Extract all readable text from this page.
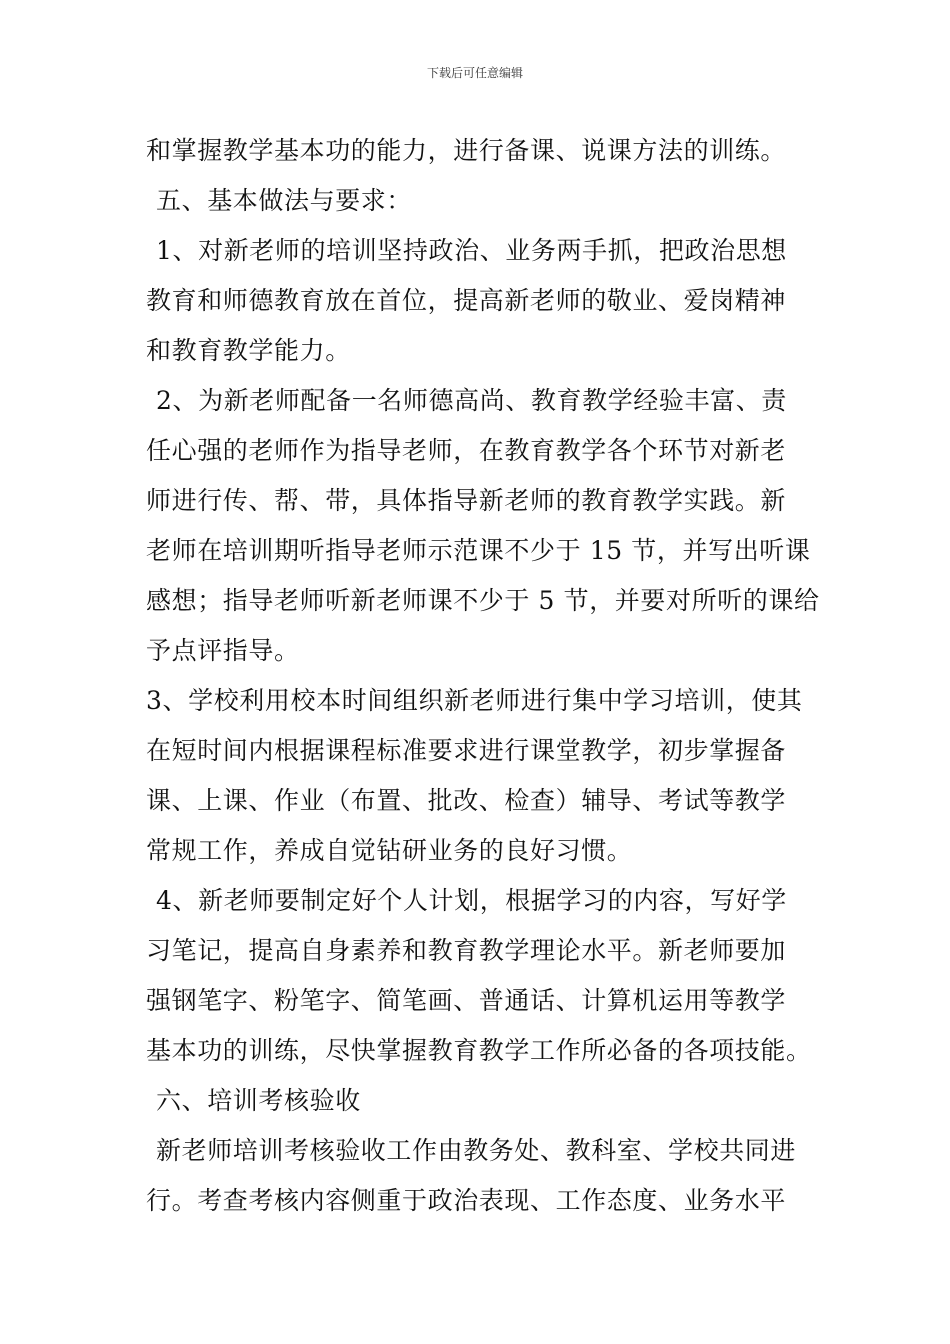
下载后可任意编辑
和掌握教学基本功的能力，进行备课、说课方法的训练。
五、基本做法与要求：
1、对新老师的培训坚持政治、业务两手抓，把政治思想
教育和师德教育放在首位，提高新老师的敬业、爱岗精神
和教育教学能力。
2、为新老师配备一名师德高尚、教育教学经验丰富、责
任心强的老师作为指导老师，在教育教学各个环节对新老
师进行传、帮、带，具体指导新老师的教育教学实践。新
老师在培训期听指导老师示范课不少于 15 节，并写出听课
感想；指导老师听新老师课不少于 5 节，并要对所听的课给
予点评指导。
3、学校利用校本时间组织新老师进行集中学习培训，使其
在短时间内根据课程标准要求进行课堂教学，初步掌握备
课、上课、作业（布置、批改、检查）辅导、考试等教学
常规工作，养成自觉钻研业务的良好习惯。
4、新老师要制定好个人计划，根据学习的内容，写好学
习笔记，提高自身素养和教育教学理论水平。新老师要加
强钢笔字、粉笔字、简笔画、普通话、计算机运用等教学
基本功的训练，尽快掌握教育教学工作所必备的各项技能。
六、培训考核验收
新老师培训考核验收工作由教务处、教科室、学校共同进
行。考查考核内容侧重于政治表现、工作态度、业务水平
